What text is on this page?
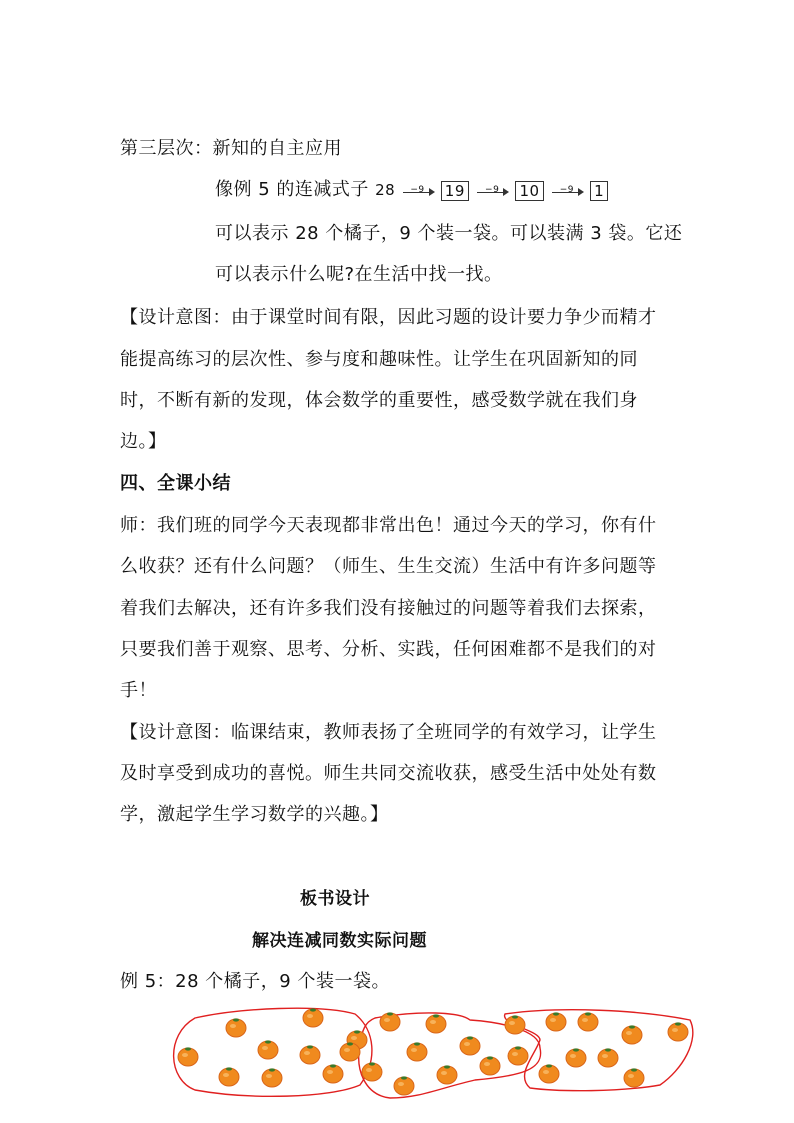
第三层次：新知的自主应用
像例 5 的连减式子 28	−9	19	−9	10	−9	1
可以表示 28 个橘子，9 个装一袋。可以装满 3 袋。它还
可以表示什么呢?在生活中找一找。
【设计意图：由于课堂时间有限，因此习题的设计要力争少而精才
能提高练习的层次性、参与度和趣味性。让学生在巩固新知的同
时，不断有新的发现，体会数学的重要性，感受数学就在我们身
边。】
四、全课小结
师：我们班的同学今天表现都非常出色！通过今天的学习，你有什
么收获？还有什么问题？（师生、生生交流）生活中有许多问题等
着我们去解决，还有许多我们没有接触过的问题等着我们去探索，
只要我们善于观察、思考、分析、实践，任何困难都不是我们的对
手！
【设计意图：临课结束，教师表扬了全班同学的有效学习，让学生
及时享受到成功的喜悦。师生共同交流收获，感受生活中处处有数
学，激起学生学习数学的兴趣。】
板书设计
解决连减同数实际问题
例 5：28 个橘子，9 个装一袋。
